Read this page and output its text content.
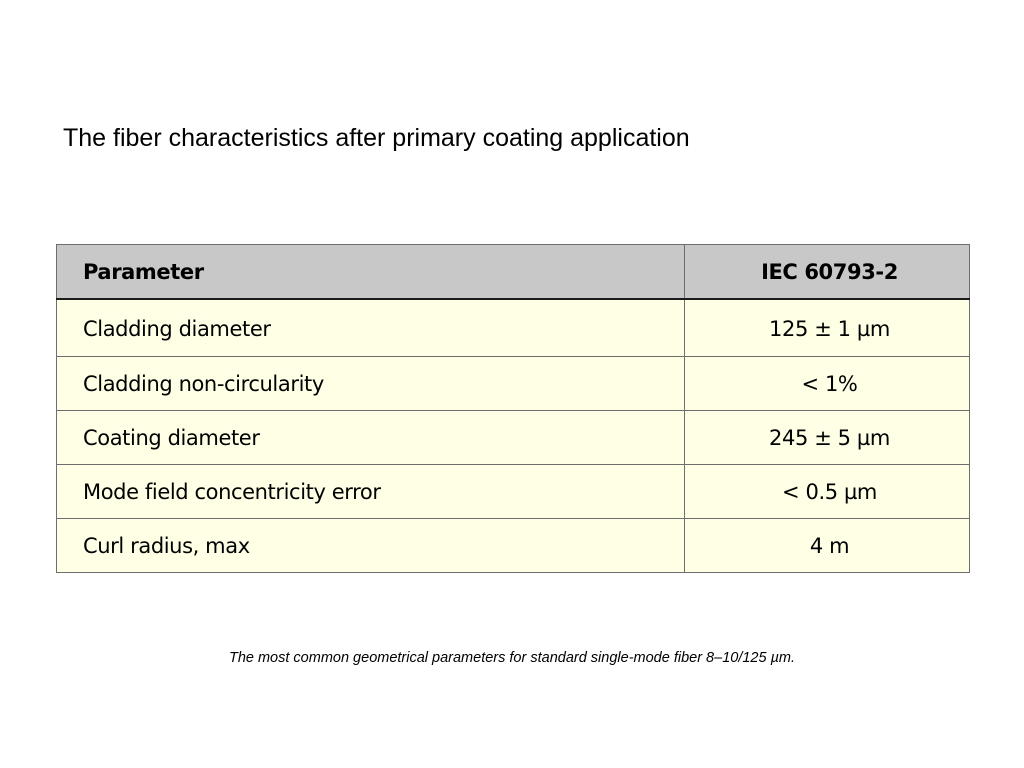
The fiber characteristics after primary coating application
Parameter	IEC 60793-2
Cladding diameter	125 ± 1 µm
Cladding non-circularity	< 1%
Coating diameter	245 ± 5 µm
Mode field concentricity error	< 0.5 µm
Curl radius, max	4 m
The most common geometrical parameters for standard single-mode fiber 8–10/125 µm.
